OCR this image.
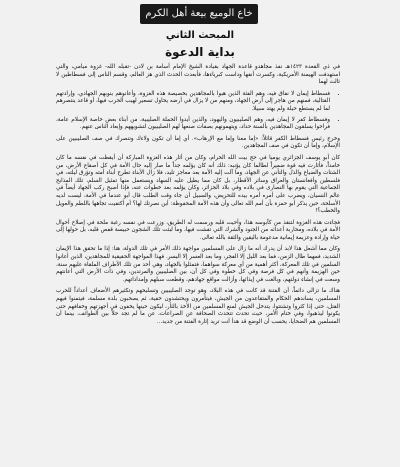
خاع الوميع بيعة أهل الكرم
المبحث الثاني
بداية الدعوة

في ذي القعدة ١٤٢٣هـ نفذ مجاهدو قاعدة الجهاد بقيادة الشيخ الإمام أسامة بن لادن -تقبله الله- غزوة ميامي، والتي استهدفت الهيمنة الأمريكية، وكسرت أنفها وداست كبرياءها، فأبعدت الحدث الذي هز العالم، وقسم الناس إلى فسطاطين لا ثالث لهما

• فسطاط إيمان لا نفاق فيه، وهم الفئة الذين هبوا بالمجاهدين بخصيصة هذه الغزوة، وأعانوهم بنوبهم الجهادي، وإرادتهم القتالية، فمنهم من هاجر إلى أرض الجهاد، ومنهم من لا يزال في أرضه يحاول تسعير لهيب الحرب فيها، أو قاعد ينتصرهم لما لم يستطع حيلة ولم يهتد سبيلا.
• وفسطاط كفر لا إيمان فيه، وهم الصليبيون واليهود، والذين أيدوا الحملة الصليبية، من أبناء بعض خاصة الإسلام عامة، فراحوا يسلقون المجاهدين بألسنة حداد، ويتهمونهم بصفات صنعها لهم الصليبيون لتشويههم وإبعاد الناس عنهم.

وخرج رئيس فسطاط الكفر قائلاً: «إما معنا وإما مع الإرهاب». أي إما أن تكون ولاءك وتنصرك في صف الصليبيين على الإسلام، وإما أن تكون في صف المجاهدين.

كان أبو يوسف الجزائري يوميا في حج بيت الله الحرام، وكان من أثار هذه الغزوة المباركة أن أيقظت في نفسه ما كان خامداً، فأثارت فيه قوة ضميراً لطالما كان يؤنبه: ذلك أنه كان يؤلمه جداً ما صار إليه حال الأمة في كل أصقاع الأرض، من الشتات والضياع والذل والتأني عن الجهاد، وما آلت إليه الأمة بعد معاجز تليد، فلا زال الأبناء تطرح أبناء أمته وتؤرق ليلته، في فلسطين وأفغانستان والعراق وسائر الأقطار، بل كان مما يطيل عليه السهاد ويستعمل منها تمثيل السلم، تلك المذابح الجماعية التي يقوم بها النصارى في بلاده وفي بلاد الجزائر، وكان يؤلمه بعد خطوات عنه، فإذا أصبح ركب الجهاد أيضاً في عالم النسيان، ويضرب على أمره أمره بيده للتحريض، والسبيل أن جاء وقت الطلب قال أبو عندما في الأمة، ليست لديه الأسلحة، حين يذكر أبو حمزة بأن أمم الله تعالى وأن هذه الأمة المحفوظة: أين نصرتك لها؟ أم أكتفيت تجاهها باللطم والعويل والخطب؟!

فجاءت هذه الغزوة لتنقذ من كآبوسه هذا، وأحيت قلبه ورسمت له الطريق، وزرعت في نفسه رغبة ملحة في إصلاح أحوال الأمة في بلاده، ومحاربة أعدائه من الجنود والشرك التي تفشت فيها، وما لبثت تلك الشجون حبيسة قفص قلبه، بل حولها إلى حياة وإرادة وعزيمة إيمانية مدعومة باليقين والثقة بالله تعالى.

وكان مما أشعل هذا لابد أن يدرك أنه ما زال على المسلمين مواجهة ذلك الأمر في تلك الدولة، هنا: إذا ما تحقق هذا الإيمان الشديد، فمهما طال الزمن، فما بعد الليل إلا الفجر، وما بعد العسر إلا اليسر. فهذا المواجهة الحقيقية للمجاهدين، الذين أعانوا السلمين في تلك المعركة، أكثر أهمية من أي معركة سواهما، فتمثلوا بالجهاد، وهي أحد من تلك الأطراف الملقاة عليهم سنة، حين الهزيمة وأنهم في كل فرصة وفي كل خطوة وفي كل آن، بين الصليبيين والمرتدين، وفي ذات الأرض التي أعانتهم وسعت في إنشاء دولتهم، وبالغت في إيذائها، وأزالت مواقع جهادهم، وقطعت سبلهم وإمداداتهم.

هناك ما تزالى دائماً، أن الفتنة قد كانت في هذه البلاد، وهو توجد الصليبيين وتسليحهم وتكثيرهم الأضعاف أعداداً للحرب المسلمين، يساندهم الحكام والمتقاعدون من الجيش، فيتأمرون ويحتشدون خفية، ثم يصحبون بلدة مسلمة، فيتمنوا فيهم القتل، حتى إذا كثروا وتشتتوا، يتدخل الجيش لمنع المسلمين من الأخذ بالثأر، ليكون حينها يخفون في أجهزتهم وخفافهم حتى يكونوا ليذهبوا، وفي ختام الأمر، حيث تحدث تتحدث الصحافة عن الصراعات، عن ما لم تجد حلاً بين الطوائف، بينما أن المسلمين هم الضحايا، يحسب أن الوضع قد هدأ أنت تريد إثارة الفتنة من جديد...
